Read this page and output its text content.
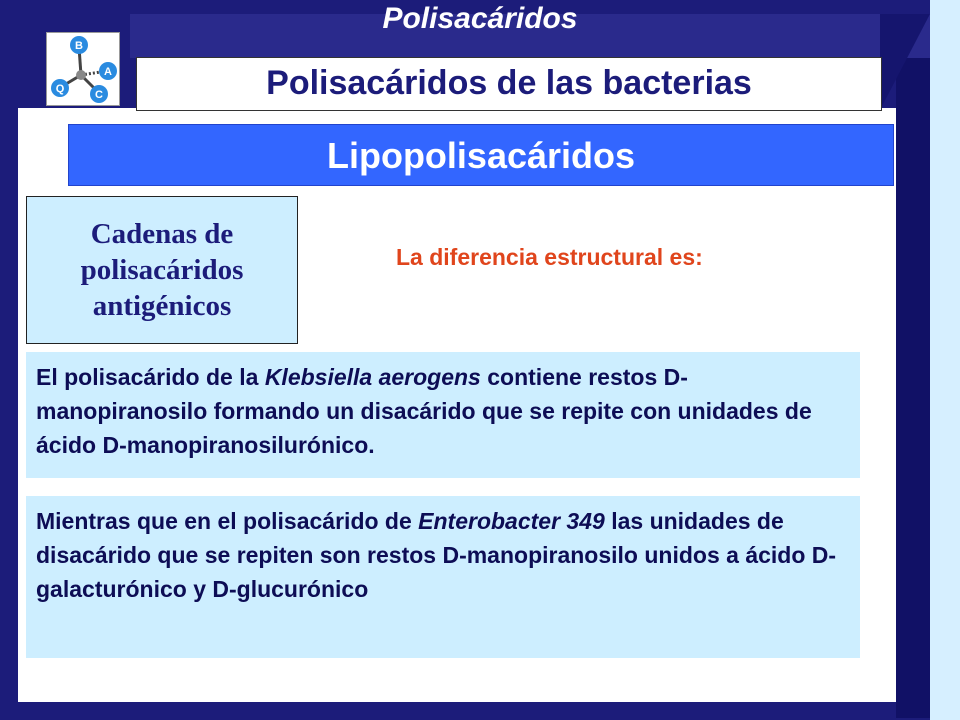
Polisacáridos
Polisacáridos de las bacterias
B
A
C
Q
Lipopolisacáridos
Cadenas de
polisacáridos
antigénicos
La diferencia estructural es:
El polisacárido de la Klebsiella aerogens contiene restos D-manopiranosilo formando un disacárido que se repite con unidades de ácido D-manopiranosilurónico.
Mientras que en el polisacárido de Enterobacter 349 las unidades de disacárido que se repiten son restos D-manopiranosilo unidos a ácido D-galacturónico y D-glucurónico
